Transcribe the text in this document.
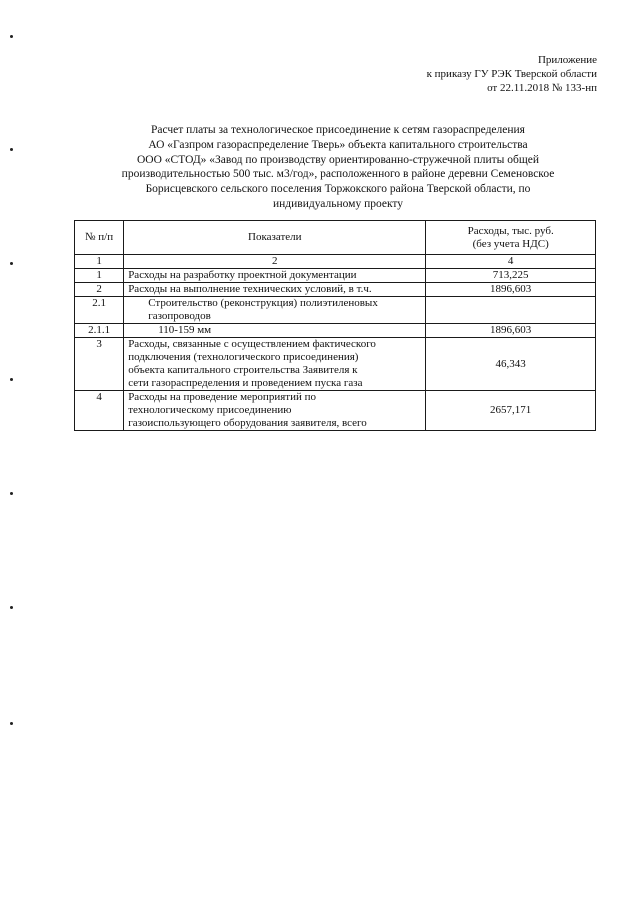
Приложение
к приказу ГУ РЭК Тверской области
от 22.11.2018 № 133-нп
Расчет платы за технологическое присоединение к сетям газораспределения
АО «Газпром газораспределение Тверь» объекта капитального строительства
ООО «СТОД» «Завод по производству ориентированно-стружечной плиты общей
производительностью 500 тыс. м3/год», расположенного в районе деревни Семеновское
Борисцевского сельского поселения Торжокского района Тверской области, по
индивидуальному проекту
№ п/п	Показатели	Расходы, тыс. руб.
(без учета НДС)

1	2	4
1	Расходы на разработку проектной документации	713,225
2	Расходы на выполнение технических условий, в т.ч.	1896,603
2.1	Строительство (реконструкция) полиэтиленовых
газопроводов	

2.1.1	110-159 мм	1896,603
3	Расходы, связанные с осуществлением фактического
подключения (технологического присоединения)
объекта капитального строительства Заявителя к
сети газораспределения и проведением пуска газа	46,343
4	Расходы на проведение мероприятий по
технологическому присоединению
газоиспользующего оборудования заявителя, всего	2657,171
